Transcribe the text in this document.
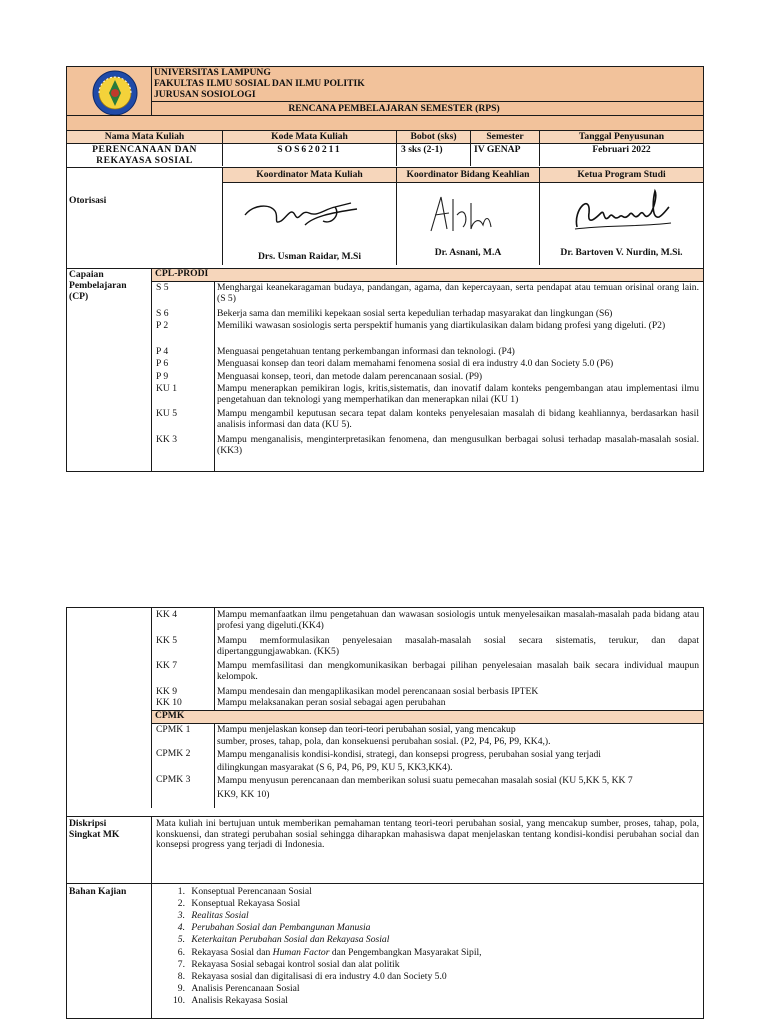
UNIVERSITAS LAMPUNG
FAKULTAS ILMU SOSIAL DAN ILMU POLITIK
JURUSAN SOSIOLOGI
RENCANA PEMBELAJARAN SEMESTER (RPS)
Nama Mata Kuliah	Kode Mata Kuliah	Bobot (sks)	Semester	Tanggal Penyusunan
PERENCANAAN DAN
REKAYASA SOSIAL
SOS620211	3 sks (2-1)	IV GENAP	Februari 2022
Otorisasi
Koordinator Mata Kuliah	Koordinator Bidang Keahlian	Ketua Program Studi
Drs. Usman Raidar, M.Si	Dr. Asnani, M.A	Dr. Bartoven V. Nurdin, M.Si.
Capaian
Pembelajaran
(CP)
CPL-PRODI
S 5	Menghargai keanekaragaman budaya, pandangan, agama, dan kepercayaan, serta pendapat atau temuan orisinal orang lain. (S 5)
S 6	Bekerja sama dan memiliki kepekaan sosial serta kepedulian terhadap masyarakat dan lingkungan (S6)
P 2	Memiliki wawasan sosiologis serta perspektif humanis yang diartikulasikan dalam bidang profesi yang digeluti. (P2)
P 4	Menguasai pengetahuan tentang perkembangan informasi dan teknologi. (P4)
P 6	Menguasai konsep dan teori dalam memahami fenomena sosial di era industry 4.0 dan Society 5.0 (P6)
P 9	Menguasai konsep, teori, dan metode dalam perencanaan sosial. (P9)
KU 1	Mampu menerapkan pemikiran logis, kritis,sistematis, dan inovatif dalam konteks pengembangan atau implementasi ilmu pengetahuan dan teknologi yang memperhatikan dan menerapkan nilai (KU 1)
KU 5	Mampu mengambil keputusan secara tepat dalam konteks penyelesaian masalah di bidang keahliannya, berdasarkan hasil analisis informasi dan data (KU 5).
KK 3	Mampu menganalisis, menginterpretasikan fenomena, dan mengusulkan berbagai solusi terhadap masalah-masalah sosial. (KK3)
KK 4	Mampu memanfaatkan ilmu pengetahuan dan wawasan sosiologis untuk menyelesaikan masalah-masalah pada bidang atau profesi yang digeluti.(KK4)
KK 5	Mampu memformulasikan penyelesaian masalah-masalah sosial secara sistematis, terukur, dan dapat dipertanggungjawabkan. (KK5)
KK 7	Mampu memfasilitasi dan mengkomunikasikan berbagai pilihan penyelesaian masalah baik secara individual maupun kelompok.
KK 9	Mampu mendesain dan mengaplikasikan model perencanaan sosial berbasis IPTEK
KK 10	Mampu melaksanakan peran sosial sebagai agen perubahan
CPMK
CPMK 1	Mampu menjelaskan konsep dan teori-teori perubahan sosial, yang mencakup
sumber, proses, tahap, pola, dan konsekuensi perubahan sosial. (P2, P4, P6, P9, KK4,).
CPMK 2	Mampu menganalisis kondisi-kondisi, strategi, dan konsepsi progress, perubahan sosial yang terjadi
dilingkungan masyarakat (S 6, P4, P6, P9, KU 5, KK3,KK4).
CPMK 3	Mampu menyusun perencanaan dan memberikan solusi suatu pemecahan masalah sosial (KU 5,KK 5, KK 7
KK9, KK 10)
Diskripsi
Singkat MK
Mata kuliah ini bertujuan untuk memberikan pemahaman tentang teori-teori perubahan sosial, yang mencakup sumber, proses, tahap, pola, konskuensi, dan strategi perubahan sosial sehingga diharapkan mahasiswa dapat menjelaskan tentang kondisi-kondisi perubahan social dan konsepsi progress yang terjadi di Indonesia.
Bahan Kajian	1. Konseptual Perencanaan Sosial
2. Konseptual Rekayasa Sosial
3. Realitas Sosial
4. Perubahan Sosial dan Pembangunan Manusia
5. Keterkaitan Perubahan Sosial dan Rekayasa Sosial
6. Rekayasa Sosial dan Human Factor dan Pengembangkan Masyarakat Sipil,
7. Rekayasa Sosial sebagai kontrol sosial dan alat politik
8. Rekayasa sosial dan digitalisasi di era industry 4.0 dan Society 5.0
9. Analisis Perencanaan Sosial
10. Analisis Rekayasa Sosial
